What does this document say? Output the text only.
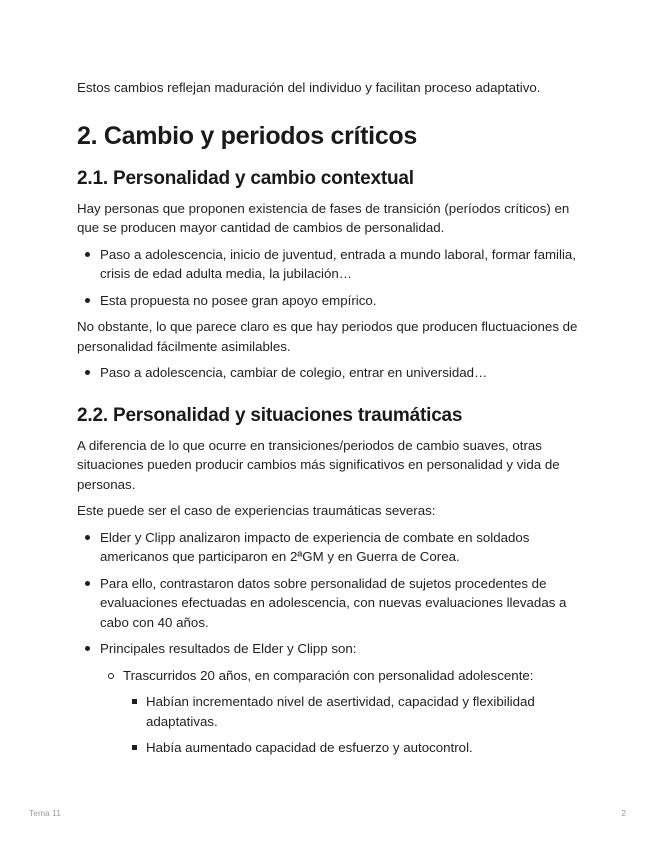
Estos cambios reflejan maduración del individuo y facilitan proceso adaptativo.

2. Cambio y periodos críticos
2.1. Personalidad y cambio contextual

Hay personas que proponen existencia de fases de transición (períodos críticos) en que se producen mayor cantidad de cambios de personalidad.

Paso a adolescencia, inicio de juventud, entrada a mundo laboral, formar familia, crisis de edad adulta media, la jubilación…
Esta propuesta no posee gran apoyo empírico.

No obstante, lo que parece claro es que hay periodos que producen fluctuaciones de personalidad fácilmente asimilables.

Paso a adolescencia, cambiar de colegio, entrar en universidad…
2.2. Personalidad y situaciones traumáticas

A diferencia de lo que ocurre en transiciones/periodos de cambio suaves, otras situaciones pueden producir cambios más significativos en personalidad y vida de personas.

Este puede ser el caso de experiencias traumáticas severas:

Elder y Clipp analizaron impacto de experiencia de combate en soldados americanos que participaron en 2ªGM y en Guerra de Corea.
Para ello, contrastaron datos sobre personalidad de sujetos procedentes de evaluaciones efectuadas en adolescencia, con nuevas evaluaciones llevadas a cabo con 40 años.
Principales resultados de Elder y Clipp son:
Trascurridos 20 años, en comparación con personalidad adolescente:
Habían incrementado nivel de asertividad, capacidad y flexibilidad adaptativas.
Había aumentado capacidad de esfuerzo y autocontrol.
Tema 11	2
